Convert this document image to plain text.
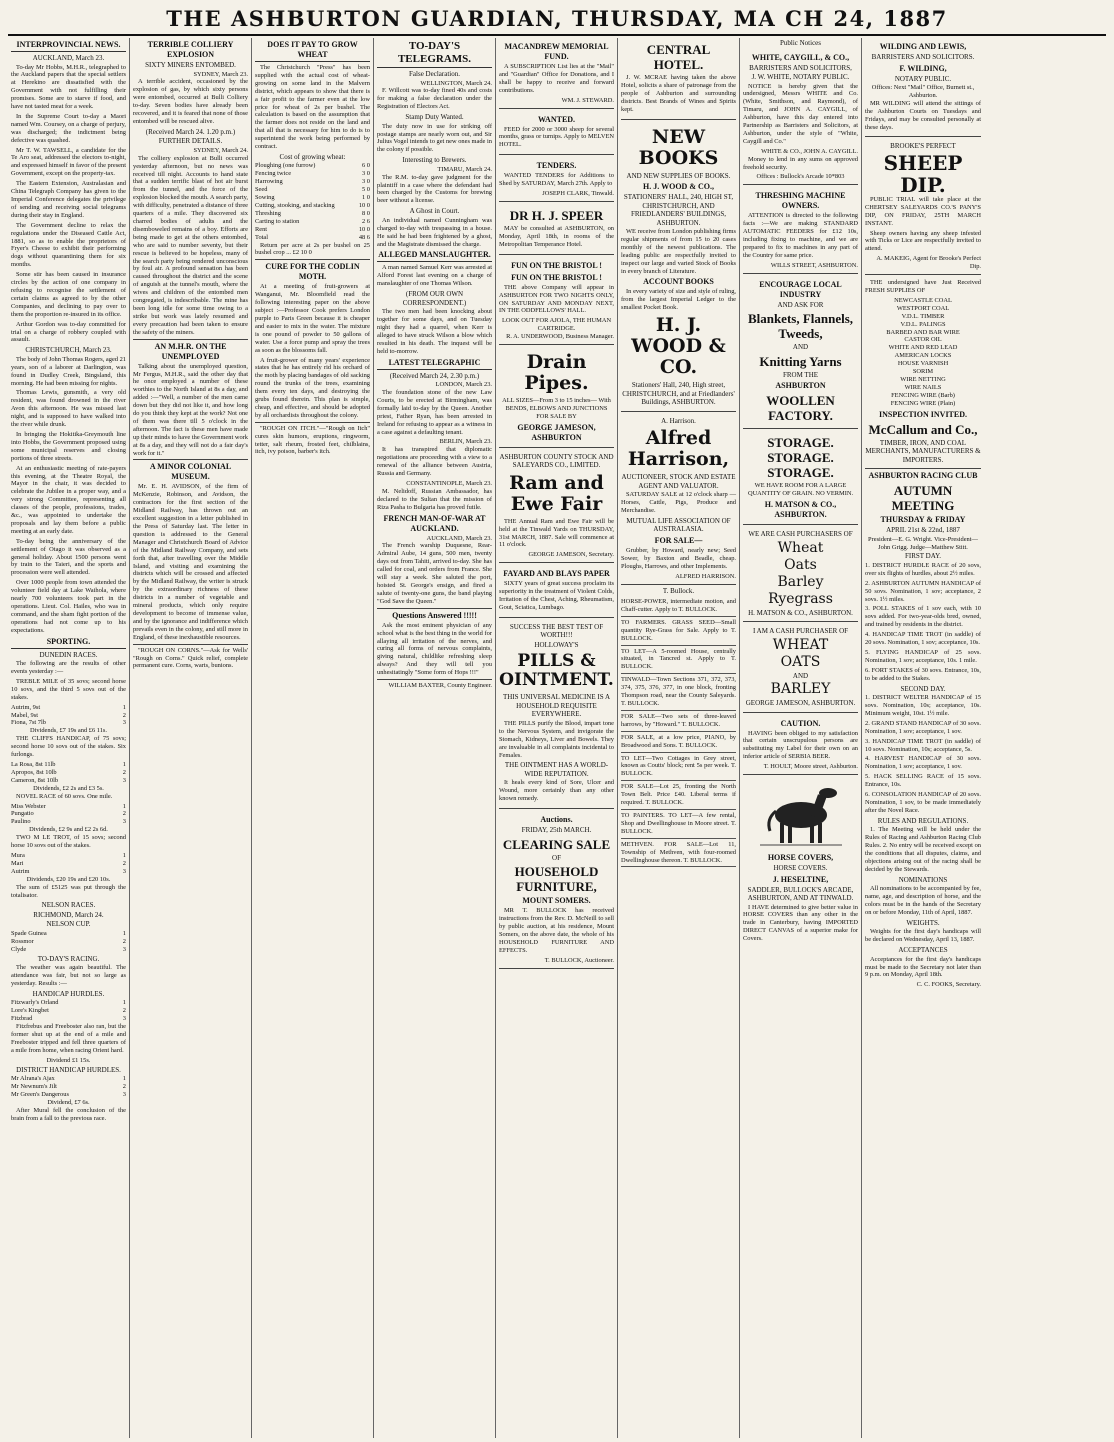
THE ASHBURTON GUARDIAN, THURSDAY, MA CH 24, 1887
INTERPROVINCIAL NEWS.
AUCKLAND, March 23.

To-day Mr Hobbs, M.H.R., telegraphed to the Auckland papers that the special settlers at Herekino are dissatisfied with the Government with not fulfilling their promises. Some are to starve if food, and have not tasted meat for a week.

In the Supreme Court to-day a Maori named Wm. Coursey, on a charge of perjury, was discharged; the indictment being defective was quashed.

Mr T. W. TAWSELL, a candidate for the Te Aro seat, addressed the electors to-night, and expressed himself in favor of the present Government, except on the property-tax.

The Eastern Extension, Australasian and China Telegraph Company has given to the Imperial Conference delegates the privilege of sending and receiving social telegrams during their stay in England.

The Government decline to relax the regulations under the Diseased Cattle Act, 1881, so as to enable the proprietors of Fryer's Cheese to exhibit their performing dogs without quarantining them for six months.

Some stir has been caused in insurance circles by the action of one company in refusing to recognise the settlement of certain claims as agreed to by the other Companies, and declining to pay over to them the proportion re-insured in its office.

Arthur Gordon was to-day committed for trial on a charge of robbery coupled with assault.

CHRISTCHURCH, March 23.

The body of John Thomas Rogers, aged 21 years, son of a laborer at Darlington, was found in Dudley Creek, Bingsland, this morning. He had been missing for nights.

Thomas Lewis, gunsmith, a very old resident, was found drowned in the river Avon this afternoon. He was missed last night, and is supposed to have walked into the river while drunk.

In bringing the Hokitika-Greymouth line into Hobbs, the Government proposed using some municipal reserves and closing portions of three streets.

At an enthusiastic meeting of rate-payers this evening, at the Theatre Royal, the Mayor in the chair, it was decided to celebrate the Jubilee in a proper way, and a very strong Committee, representing all classes of the people, professions, trades, &c., was appointed to undertake the proposals and lay them before a public meeting at an early date.

To-day being the anniversary of the settlement of Otago it was observed as a general holiday. About 1500 persons went by train to the Taieri, and the sports and procession were well attended.

Over 1000 people from town attended the volunteer field day at Lake Waihola, where nearly 700 volunteers took part in the operations. Lieut. Col. Hailes, who was in command, and the sham fight portion of the operations had not come up to his expectations.

SPORTING.
DUNEDIN RACES.

The following are the results of other events yesterday :—

TREBLE MILE of 35 sovs; second horse 10 sovs, and the third 5 sovs out of the stakes.

Autrim, 9st	1
Mabel, 9st	2
Fiona, 7st 7lb	3
Dividends, £7 19s and £6 11s.

THE CLIFFS HANDICAP, of 75 sovs; second horse 10 sovs out of the stakes. Six furlongs.

La Rosa, 8st 11lb	1
Apropos, 8st 10lb	2
Cameron, 8st 10lb	3
Dividends, £2 2s and £3 5s.

NOVEL RACE of 60 sovs. One mile.

Miss Webster	1
Pungatio	2
Paulino	3
Dividends, £2 9s and £2 2s 6d.

TWO M LE TROT, of 15 sovs; second horse 10 sovs out of the stakes.

Mura	1
Mari	2
Autrim	3
Dividends, £20 19s and £20 10s.

The sum of £5125 was put through the totalisator.

NELSON RACES.
RICHMOND, March 24.
NELSON CUP.
Spade Guinea	1
Rossmor	2
Clyde	3
TO-DAY'S RACING.

The weather was again beautiful. The attendance was fair, but not so large as yesterday. Results :—

HANDICAP HURDLES.
Fitzwarly's Orland	1
Lore's Kingbet	2
Fitzbrad	3

Fitzfrebus and Freeboster also ran, but the former shut up at the end of a mile and Freeboster tripped and fell three quarters of a mile from home, when racing Orient hard.

Dividend £1 15s.
DISTRICT HANDICAP HURDLES.
Mr Alrana's Ajax	1
Mr Newnum's Jilt	2
Mr Green's Dangerous	3
Dividend, £7 6s.

After Mural fell the conclusion of the brain from a fall to the previous race.

TERRIBLE COLLIERY EXPLOSION
SIXTY MINERS ENTOMBED.
SYDNEY, March 23.

A terrible accident, occasioned by the explosion of gas, by which sixty persons were entombed, occurred at Bulli Colliery to-day. Seven bodies have already been recovered, and it is feared that none of those entombed will be rescued alive.

(Received March 24. 1.20 p.m.)
FURTHER DETAILS.
SYDNEY, March 24.

The colliery explosion at Bulli occurred yesterday afternoon, but no news was received till night. Accounts to hand state that a sudden terrific blast of hot air burst from the tunnel, and the force of the explosion blocked the mouth. A search party, with difficulty, penetrated a distance of three quarters of a mile. They discovered six charred bodies of adults and the disemboweled remains of a boy. Efforts are being made to get at the others entombed, who are said to number seventy, but their rescue is believed to be hopeless, many of the search party being rendered unconscious by foul air. A profound sensation has been caused throughout the district and the scene of anguish at the tunnel's mouth, where the wives and children of the entombed men congregated, is indescribable. The mine has been long idle for some time owing to a strike but work was lately resumed and every precaution had been taken to ensure the safety of the miners.

AN M.H.R. ON THE UNEMPLOYED

Talking about the unemployed question, Mr Fergus, M.H.R., said the other day that he once employed a number of these worthies to the North Island at 8s a day, and added :—"Well, a number of the men came down but they did not like it, and how long do you think they kept at the work? Not one of them was there till 5 o'clock in the afternoon. The fact is these men have made up their minds to have the Government work at 8s a day, and they will not do a fair day's work for it."

A MINOR COLONIAL MUSEUM.

Mr. E. H. AVIDSON, of the firm of McKenzie, Robinson, and Avidson, the contractors for the first section of the Midland Railway, has thrown out an excellent suggestion in a letter published in the Press of Saturday last. The letter in question is addressed to the General Manager and Christchurch Board of Advice of the Midland Railway Company, and sets forth that, after travelling over the Middle Island, and visiting and examining the districts which will be crossed and affected by the Midland Railway, the writer is struck by the extraordinary richness of these districts in a number of vegetable and mineral products, which only require development to become of immense value, and by the ignorance and indifference which prevails even in the colony, and still more in England, of these inexhaustible resources.

"ROUGH ON CORNS."—Ask for Wells' "Rough on Corns." Quick relief, complete permanent cure. Corns, warts, bunions.

DOES IT PAY TO GROW WHEAT

The Christchurch "Press" has been supplied with the actual cost of wheat-growing on some land in the Malvern district, which appears to show that there is a fair profit to the farmer even at the low price for wheat of 2s per bushel. The calculation is based on the assumption that the farmer does not reside on the land and that all that is necessary for him to do is to superintend the work being performed by contract.

Cost of growing wheat:
Ploughing (one furrow)	6 0
Fencing twice	3 0
Harrowing	3 0
Seed	5 0
Sowing	1 0
Cutting, stooking, and stacking	10 0
Threshing	8 0
Carting to station	2 6
Rent	10 0
Total	48 6

Return per acre at 2s per bushel on 25 bushel crop ... £2 10 0

CURE FOR THE CODLIN MOTH.

At a meeting of fruit-growers at Wanganui, Mr. Bloomfield read the following interesting paper on the above subject :—Professor Cook prefers London purple to Paris Green because it is cheaper and easier to mix in the water. The mixture is one pound of powder to 50 gallons of water. Use a force pump and spray the trees as soon as the blossoms fall.

A fruit-grower of many years' experience states that he has entirely rid his orchard of the moth by placing bandages of old sacking round the trunks of the trees, examining them every ten days, and destroying the grubs found therein. This plan is simple, cheap, and effective, and should be adopted by all orchardists throughout the colony.

"ROUGH ON ITCH."—"Rough on Itch" cures skin humors, eruptions, ringworm, tetter, salt rheum, frosted feet, chilblains, itch, ivy poison, barber's itch.

TO-DAY'S TELEGRAMS.
False Declaration.
WELLINGTON, March 24.

F. Willcott was to-day fined 40s and costs for making a false declaration under the Registration of Electors Act.

Stamp Duty Wanted.

The duty now in use for striking off postage stamps are nearly worn out, and Sir Julius Vogel intends to get new ones made in the colony if possible.

Interesting to Brewers.
TIMARU, March 24.

The R.M. to-day gave judgment for the plaintiff in a case where the defendant had been charged by the Customs for brewing beer without a license.

A Ghost in Court.

An individual named Cunningham was charged to-day with trespassing in a house. He said he had been frightened by a ghost, and the Magistrate dismissed the charge.

ALLEGED MANSLAUGHTER.

A man named Samuel Kerr was arrested at Alford Forest last evening on a charge of manslaughter of one Thomas Wilson.

(FROM OUR OWN CORRESPONDENT.)

The two men had been knocking about together for some days, and on Tuesday night they had a quarrel, when Kerr is alleged to have struck Wilson a blow which resulted in his death. The inquest will be held to-morrow.

LATEST TELEGRAPHIC
(Received March 24, 2.30 p.m.)
LONDON, March 23.

The foundation stone of the new Law Courts, to be erected at Birmingham, was formally laid to-day by the Queen. Another priest, Father Ryan, has been arrested in Ireland for refusing to appear as a witness in a case against a defaulting tenant.

BERLIN, March 23.

It has transpired that diplomatic negotiations are proceeding with a view to a renewal of the alliance between Austria, Russia and Germany.

CONSTANTINOPLE, March 23.

M. Nelidoff, Russian Ambassador, has declared to the Sultan that the mission of Riza Pasha to Bulgaria has proved futile.

FRENCH MAN-OF-WAR AT AUCKLAND.
AUCKLAND, March 23.

The French warship Duquesne, Rear-Admiral Aube, 14 guns, 500 men, twenty days out from Tahiti, arrived to-day. She has called for coal, and orders from France. She will stay a week. She saluted the port, hoisted St. George's ensign, and fired a salute of twenty-one guns, the band playing "God Save the Queen."

Questions Answered !!!!!

Ask the most eminent physician of any school what is the best thing in the world for allaying all irritation of the nerves, and curing all forms of nervous complaints, giving natural, childlike refreshing sleep always? And they will tell you unhesitatingly "Some form of Hops !!!"

WILLIAM BAXTER, County Engineer.
MACANDREW MEMORIAL FUND.

A SUBSCRIPTION List lies at the "Mail" and "Guardian" Office for Donations, and I shall be happy to receive and forward contributions.

WM. J. STEWARD.
WANTED.

FEED for 2000 or 3000 sheep for several months, grass or turnips. Apply to MELVEN HOTEL.

TENDERS.

WANTED TENDERS for Additions to Shed by SATURDAY, March 27th. Apply to

JOSEPH CLARK, Tinwald.
DR H. J. SPEER

MAY be consulted at ASHBURTON, on Monday, April 18th, in rooms of the Metropolitan Temperance Hotel.

FUN ON THE BRISTOL !
FUN ON THE BRISTOL !

THE above Company will appear in ASHBURTON FOR TWO NIGHTS ONLY, ON SATURDAY AND MONDAY NEXT, IN THE ODDFELLOWS' HALL.

LOOK OUT FOR AJOLA, THE HUMAN CARTRIDGE.
R. A. UNDERWOOD, Business Manager.
Drain Pipes.
ALL SIZES—From 3 to 15 inches— With BENDS, ELBOWS AND JUNCTIONS FOR SALE BY
GEORGE JAMESON, ASHBURTON
ASHBURTON COUNTY STOCK AND SALEYARDS CO., LIMITED.
Ram and Ewe Fair

THE Annual Ram and Ewe Fair will be held at the Tinwald Yards on THURSDAY, 31st MARCH, 1887. Sale will commence at 11 o'clock.

GEORGE JAMESON, Secretary.
FAYARD AND BLAYS PAPER

SIXTY years of great success proclaim its superiority in the treatment of Violent Colds, Irritation of the Chest, Aching, Rheumatism, Gout, Sciatica, Lumbago.

SUCCESS THE BEST TEST OF WORTH!!!
HOLLOWAY'S
PILLS & OINTMENT.
THIS UNIVERSAL MEDICINE IS A HOUSEHOLD REQUISITE EVERYWHERE.

THE PILLS purify the Blood, impart tone to the Nervous System, and invigorate the Stomach, Kidneys, Liver and Bowels. They are invaluable in all complaints incidental to Females.

THE OINTMENT HAS A WORLD-WIDE REPUTATION.

It heals every kind of Sore, Ulcer and Wound, more certainly than any other known remedy.

Auctions.
FRIDAY, 25th MARCH.
CLEARING SALE
OF
HOUSEHOLD FURNITURE,
MOUNT SOMERS.

MR T. BULLOCK has received instructions from the Rev. D. McNeill to sell by public auction, at his residence, Mount Somers, on the above date, the whole of his HOUSEHOLD FURNITURE AND EFFECTS.

T. BULLOCK, Auctioneer.
CENTRAL HOTEL.

J. W. MCRAE having taken the above Hotel, solicits a share of patronage from the people of Ashburton and surrounding districts. Best Brands of Wines and Spirits kept.

NEW BOOKS
AND NEW SUPPLIES OF BOOKS.
H. J. WOOD & CO.,
STATIONERS' HALL, 240, HIGH ST, CHRISTCHURCH, AND FRIEDLANDERS' BUILDINGS, ASHBURTON.

WE receive from London publishing firms regular shipments of from 15 to 20 cases monthly of the newest publications. The leading public are respectfully invited to inspect our large and varied Stock of Books in every branch of Literature.

ACCOUNT BOOKS

In every variety of size and style of ruling, from the largest Imperial Ledger to the smallest Pocket Book.

H. J. WOOD & CO.
Stationers' Hall, 240, High street, CHRISTCHURCH, and at Friedlanders' Buildings, ASHBURTON.
A. Harrison.
Alfred Harrison,
AUCTIONEER, STOCK AND ESTATE AGENT AND VALUATOR.

SATURDAY SALE at 12 o'clock sharp —Horses, Cattle, Pigs, Produce and Merchandise.

MUTUAL LIFE ASSOCIATION OF AUSTRALASIA.
FOR SALE—

Grubber, by Howard, nearly new; Seed Sower, by Baxton and Beadle, cheap. Ploughs, Harrows, and other Implements.

ALFRED HARRISON.
T. Bullock.
HORSE-POWER, intermediate motion, and Chaff-cutter. Apply to T. BULLOCK.
TO FARMERS. GRASS SEED—Small quantity Rye-Grass for Sale. Apply to T. BULLOCK.
TO LET—A 5-roomed House, centrally situated, in Tancred st. Apply to T. BULLOCK.
TINWALD—Town Sections 371, 372, 373, 374, 375, 376, 377, in one block, fronting Thompson road, near the County Saleyards. T. BULLOCK.
FOR SALE—Two sets of three-leaved harrows, by "Howard." T. BULLOCK.
FOR SALE, at a low price, PIANO, by Broadwood and Sons. T. BULLOCK.
TO LET—Two Cottages in Grey street, known as Coutts' block; rent 5s per week. T. BULLOCK.
FOR SALE—Lot 25, fronting the North Town Belt. Price £40. Liberal terms if required. T. BULLOCK.
TO PAINTERS. TO LET—A few rental, Shop and Dwellinghouse in Moore street. T. BULLOCK.
METHVEN. FOR SALE—Lot 11, Township of Methven, with four-roomed Dwellinghouse thereon. T. BULLOCK.
Public Notices
WHITE, CAYGILL, & CO.,
BARRISTERS AND SOLICITORS,
J. W. WHITE, NOTARY PUBLIC.

NOTICE is hereby given that the undersigned, Messrs WHITE and Co. (White, Smithson, and Raymond), of Timaru, and JOHN A. CAYGILL, of Ashburton, have this day entered into Partnership as Barristers and Solicitors, at Ashburton, under the style of "White, Caygill and Co."

WHITE & CO., JOHN A. CAYGILL.

Money to lend in any sums on approved freehold security.

Offices : Bullock's Arcade 10*803
THRESHING MACHINE OWNERS.

ATTENTION is directed to the following facts :—We are making STANDARD AUTOMATIC FEEDERS for £12 10s, including fixing to machine, and we are prepared to fix to machines in any part of the Country for same price.

WILLS STREET, ASHBURTON.
ENCOURAGE LOCAL INDUSTRY
AND ASK FOR
Blankets, Flannels, Tweeds,
AND
Knitting Yarns
FROM THE
ASHBURTON
WOOLLEN FACTORY.
STORAGE. STORAGE. STORAGE.
WE HAVE ROOM FOR A LARGE QUANTITY OF GRAIN. NO VERMIN.
H. MATSON & CO., ASHBURTON.
WE ARE CASH PURCHASERS OF
Wheat
Oats
Barley
Ryegrass
H. MATSON & CO., ASHBURTON.
I AM A CASH PURCHASER OF
WHEAT
OATS
AND
BARLEY
GEORGE JAMESON, ASHBURTON.
CAUTION.

HAVING been obliged to my satisfaction that certain unscrupulous persons are substituting my Label for their own on an inferior article of SERBIA BEER.

T. HOULT, Moore street, Ashburton.
HORSE COVERS,
HORSE COVERS.
J. HESELTINE,
SADDLER, BULLOCK'S ARCADE, ASHBURTON, AND AT TINWALD.

I HAVE determined to give better value in HORSE COVERS than any other in the trade in Canterbury, having IMPORTED DIRECT CANVAS of a superior make for Covers.

WILDING AND LEWIS,
BARRISTERS AND SOLICITORS.
F. WILDING,
NOTARY PUBLIC.
Offices: Next "Mail" Office, Burnett st., Ashburton.

MR WILDING will attend the sittings of the Ashburton Courts on Tuesdays and Fridays, and may be consulted personally at these days.

BROOKE'S PERFECT
SHEEP DIP.

PUBLIC TRIAL will take place at the CHERTSEY SALEYARDS CO.'S PANY'S DIP, ON FRIDAY, 25TH MARCH INSTANT.

Sheep owners having any sheep infested with Ticks or Lice are respectfully invited to attend.

A. MAKEIG, Agent for Brooke's Perfect Dip.

THE undersigned have Just Received FRESH SUPPLIES OF

NEWCASTLE COAL
WESTPORT COAL
V.D.L. TIMBER
V.D.L. PALINGS
BARBED AND BAR WIRE
CASTOR OIL
WHITE AND RED LEAD
AMERICAN LOCKS
HOUSE VARNISH
SORIM
WIRE NETTING
WIRE NAILS
FENCING WIRE (Barb)
FENCING WIRE (Plain)
INSPECTION INVITED.
McCallum and Co.,
TIMBER, IRON, AND COAL MERCHANTS, MANUFACTURERS & IMPORTERS.
ASHBURTON RACING CLUB
AUTUMN MEETING
THURSDAY & FRIDAY
APRIL 21st & 22nd, 1887
President—E. G. Wright. Vice-President—John Grigg. Judge—Matthew Stitt.
FIRST DAY.
1. DISTRICT HURDLE RACE of 20 sovs, over six flights of hurdles, about 2½ miles.
2. ASHBURTON AUTUMN HANDICAP of 50 sovs. Nomination, 1 sov; acceptance, 2 sovs. 1½ miles.
3. POLL STAKES of 1 sov each, with 10 sovs added. For two-year-olds bred, owned, and trained by residents in the district.
4. HANDICAP TIME TROT (in saddle) of 20 sovs. Nomination, 1 sov; acceptance, 10s.
5. FLYING HANDICAP of 25 sovs. Nomination, 1 sov; acceptance, 10s. 1 mile.
6. FORT STAKES of 30 sovs. Entrance, 10s, to be added to the Stakes.
SECOND DAY.
1. DISTRICT WELTER HANDICAP of 15 sovs. Nomination, 10s; acceptance, 10s. Minimum weight, 10st. 1½ mile.
2. GRAND STAND HANDICAP of 30 sovs. Nomination, 1 sov; acceptance, 1 sov.
3. HANDICAP TIME TROT (in saddle) of 10 sovs. Nomination, 10s; acceptance, 5s.
4. HARVEST HANDICAP of 30 sovs. Nomination, 1 sov; acceptance, 1 sov.
5. HACK SELLING RACE of 15 sovs. Entrance, 10s.
6. CONSOLATION HANDICAP of 20 sovs. Nomination, 1 sov, to be made immediately after the Novel Race.
RULES AND REGULATIONS.

1. The Meeting will be held under the Rules of Racing and Ashburton Racing Club Rules. 2. No entry will be received except on the conditions that all disputes, claims, and objections arising out of the racing shall be decided by the Stewards.

NOMINATIONS

All nominations to be accompanied by fee, name, age, and description of horse, and the colors must be in the hands of the Secretary on or before Monday, 11th of April, 1887.

WEIGHTS.

Weights for the first day's handicaps will be declared on Wednesday, April 13, 1887.

ACCEPTANCES

Acceptances for the first day's handicaps must be made to the Secretary not later than 9 p.m. on Monday, April 18th.

C. C. FOOKS, Secretary.
